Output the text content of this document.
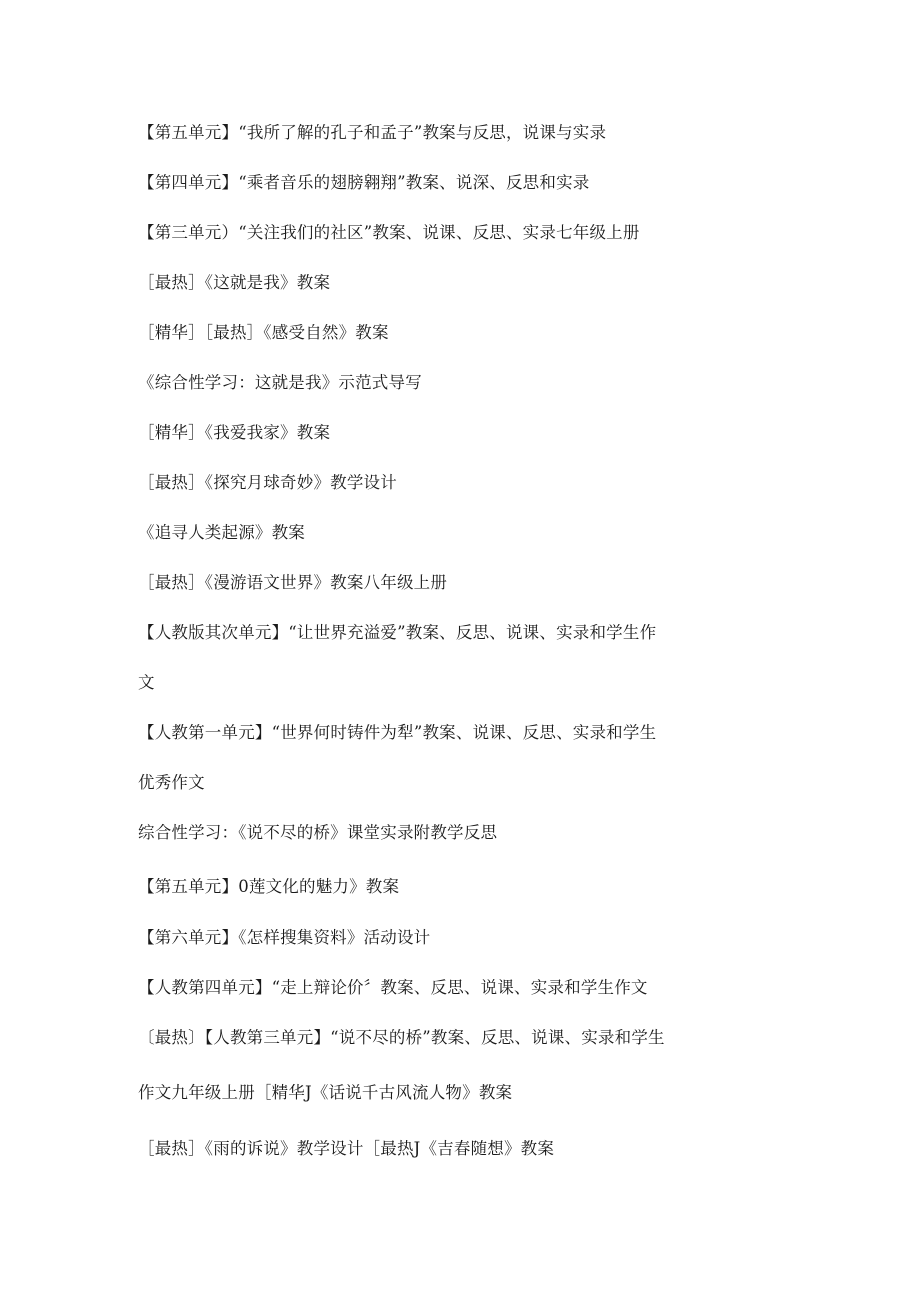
【第五单元】“我所了解的孔子和孟子”教案与反思，说课与实录
【第四单元】“乘者音乐的翅膀翱翔”教案、说深、反思和实录
【第三单元）“关注我们的社区”教案、说课、反思、实录七年级上册
［最热］《这就是我》教案
［精华］［最热］《感受自然》教案
《综合性学习：这就是我》示范式导写
［精华］《我爱我家》教案
［最热］《探究月球奇妙》教学设计
《追寻人类起源》教案
［最热］《漫游语文世界》教案八年级上册
【人教版其次单元】“让世界充溢爱”教案、反思、说课、实录和学生作
文
【人教第一单元】“世界何时铸件为犁”教案、说课、反思、实录和学生
优秀作文
综合性学习：《说不尽的桥》课堂实录附教学反思
【第五单元】0莲文化的魅力》教案
【第六单元】《怎样搜集资料》活动设计
【人教第四单元】“走上辩论价〞教案、反思、说课、实录和学生作文
〔最热〕【人教第三单元】“说不尽的桥”教案、反思、说课、实录和学生
作文九年级上册［精华J《话说千古风流人物》教案
［最热］《雨的诉说》教学设计［最热J《吉春随想》教案
